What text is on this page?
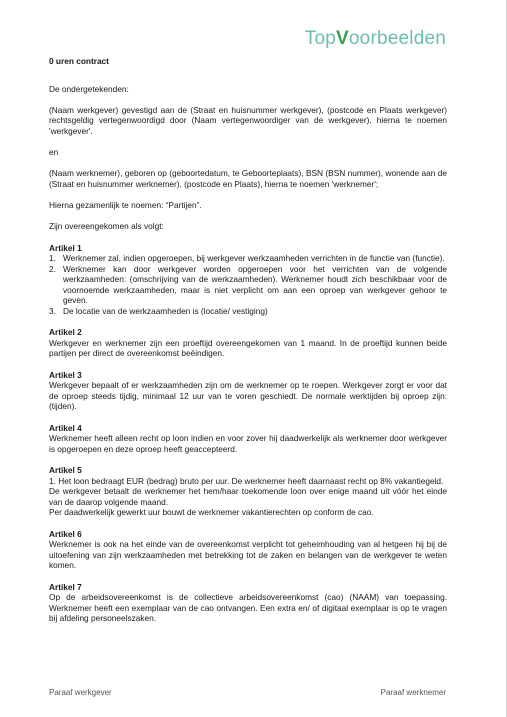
TopVoorbeelden

0 uren contract

De ondergetekenden:

(Naam werkgever) gevestigd aan de (Straat en huisnummer werkgever), (postcode en Plaats werkgever) rechtsgeldig vertegenwoordigd door (Naam vertegenwoordiger van de werkgever), hierna te noemen 'werkgever'.

en

(Naam werknemer), geboren op (geboortedatum, te Geboorteplaats), BSN (BSN nummer), wonende aan de (Straat en huisnummer werknemer), (postcode en Plaats), hierna te noemen 'werknemer';

Hierna gezamenlijk te noemen: “Partijen”.

Zijn overeengekomen als volgt:

Artikel 1

1. Werknemer zal, indien opgeroepen, bij werkgever werkzaamheden verrichten in de functie van (functie).
2. Werknemer kan door werkgever worden opgeroepen voor het verrichten van de volgende werkzaamheden: (omschrijving van de werkzaamheden). Werknemer houdt zich beschikbaar voor de voornoemde werkzaamheden, maar is niet verplicht om aan een oproep van werkgever gehoor te geven.
3. De locatie van de werkzaamheden is (locatie/ vestiging)

Artikel 2

Werkgever en werknemer zijn een proeftijd overeengekomen van 1 maand. In de proeftijd kunnen beide partijen per direct de overeenkomst beëindigen.

Artikel 3

Werkgever bepaalt of er werkzaamheden zijn om de werknemer op te roepen. Werkgever zorgt er voor dat de oproep steeds tijdig, minimaal 12 uur van te voren geschiedt. De normale werktijden bij oproep zijn: (tijden).

Artikel 4

Werknemer heeft alleen recht op loon indien en voor zover hij daadwerkelijk als werknemer door werkgever is opgeroepen en deze oproep heeft geaccepteerd.

Artikel 5

1. Het loon bedraagt EUR (bedrag) bruto per uur. De werknemer heeft daarnaast recht op 8% vakantiegeld.

De werkgever betaalt de werknemer het hem/haar toekomende loon over enige maand uit vóór het einde van de daarop volgende maand.

Per daadwerkelijk gewerkt uur bouwt de werknemer vakantierechten op conform de cao.

Artikel 6

Werknemer is ook na het einde van de overeenkomst verplicht tot geheimhouding van al hetgeen hij bij de uitoefening van zijn werkzaamheden met betrekking tot de zaken en belangen van de werkgever te weten komen.

Artikel 7

Op de arbeidsovereenkomst is de collectieve arbeidsovereenkomst (cao) (NAAM) van toepassing. Werknemer heeft een exemplaar van de cao ontvangen. Een extra en/ of digitaal exemplaar is op te vragen bij afdeling personeelszaken.

Paraaf werkgever	Paraaf werknemer
